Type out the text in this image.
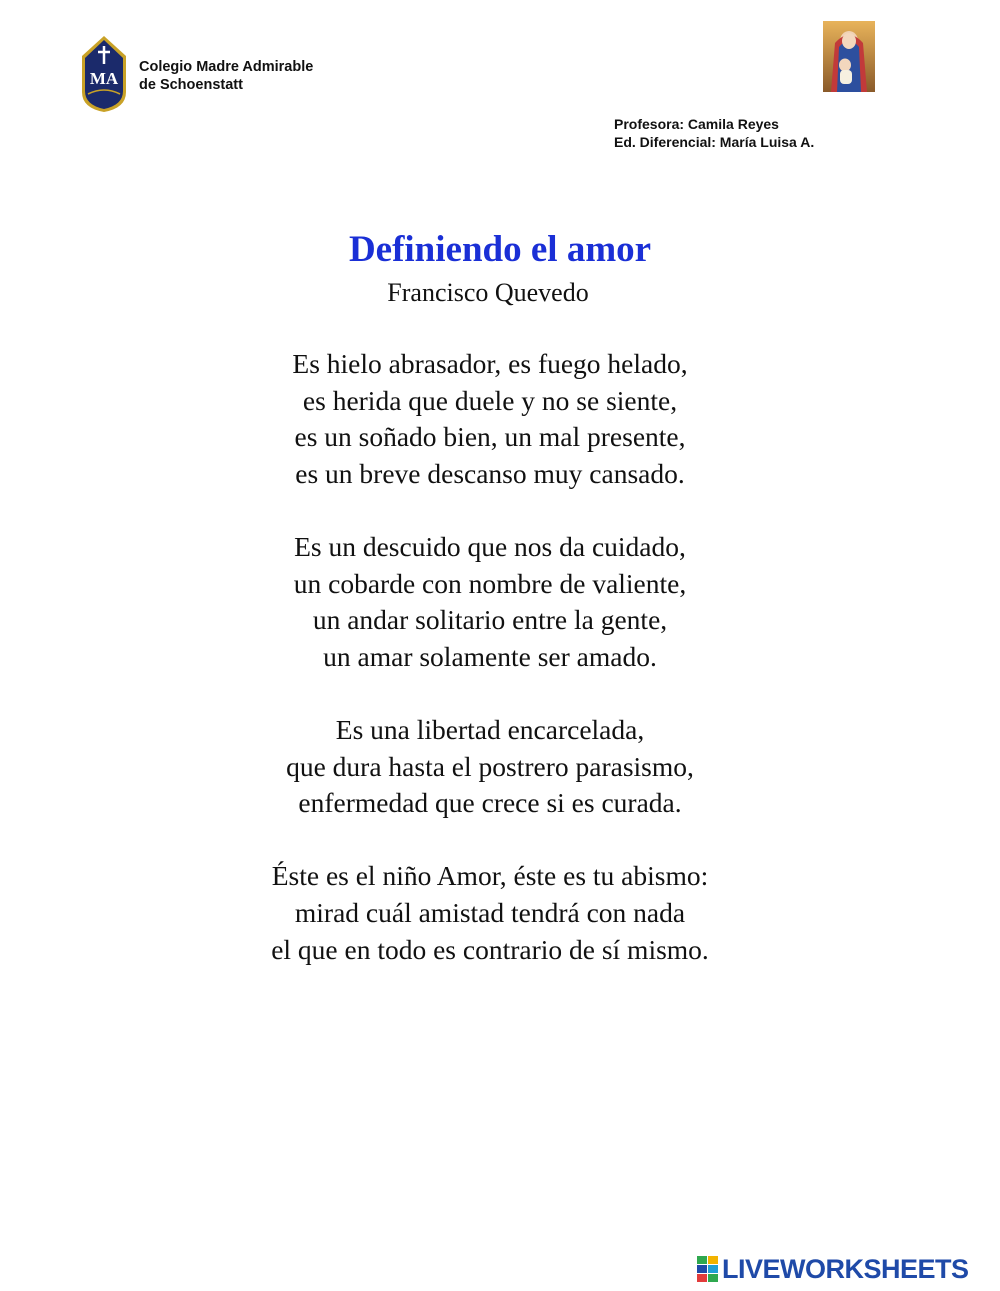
MA
Colegio Madre Admirable
de Schoenstatt
Profesora: Camila Reyes
Ed. Diferencial: María Luisa A.
Definiendo el amor
Francisco Quevedo
Es hielo abrasador, es fuego helado,
es herida que duele y no se siente,
es un soñado bien, un mal presente,
es un breve descanso muy cansado.
Es un descuido que nos da cuidado,
un cobarde con nombre de valiente,
un andar solitario entre la gente,
un amar solamente ser amado.
Es una libertad encarcelada,
que dura hasta el postrero parasismo,
enfermedad que crece si es curada.
Éste es el niño Amor, éste es tu abismo:
mirad cuál amistad tendrá con nada
el que en todo es contrario de sí mismo.
LIVEWORKSHEETS
